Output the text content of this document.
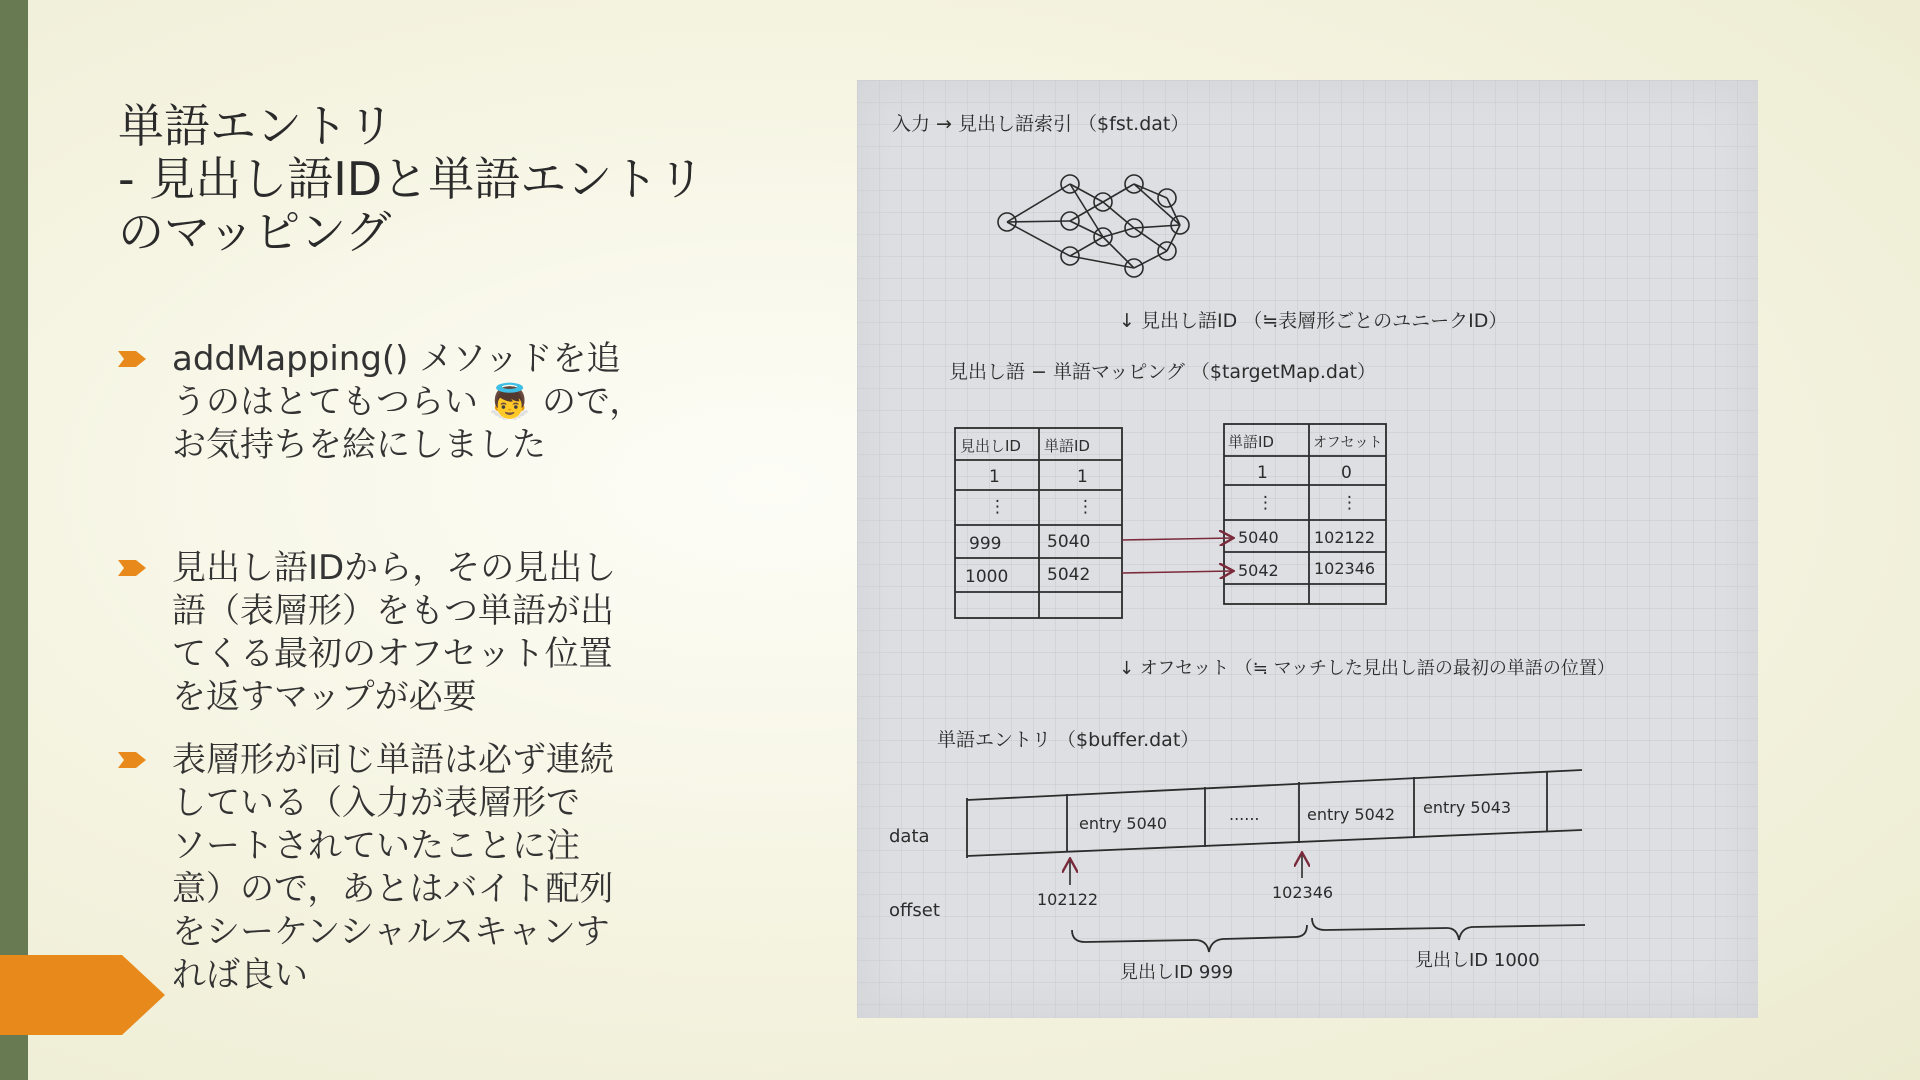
単語エントリ
- 見出し語IDと単語エントリ
のマッピング
addMapping() メソッドを追
うのはとてもつらい 👼 ので，
お気持ちを絵にしました
見出し語IDから，その見出し
語（表層形）をもつ単語が出
てくる最初のオフセット位置
を返すマップが必要
表層形が同じ単語は必ず連続
している（入力が表層形で
ソートされていたことに注
意）ので，あとはバイト配列
をシーケンシャルスキャンす
れば良い
入力 → 見出し語索引 （$fst.dat）
↓ 見出し語ID （≒表層形ごとのユニークID）
見出し語 − 単語マッピング （$targetMap.dat）
見出しID 単語ID
1	1
⋮	⋮
999	5040
1000 5042
単語ID	オフセット
1	0
⋮	⋮
5040 102122
5042 102346
↓ オフセット （≒ マッチした見出し語の最初の単語の位置）
単語エントリ （$buffer.dat）
data
entry 5040	......	entry 5042 entry 5043
offset
102122	102346
見出しID 999
見出しID 1000
